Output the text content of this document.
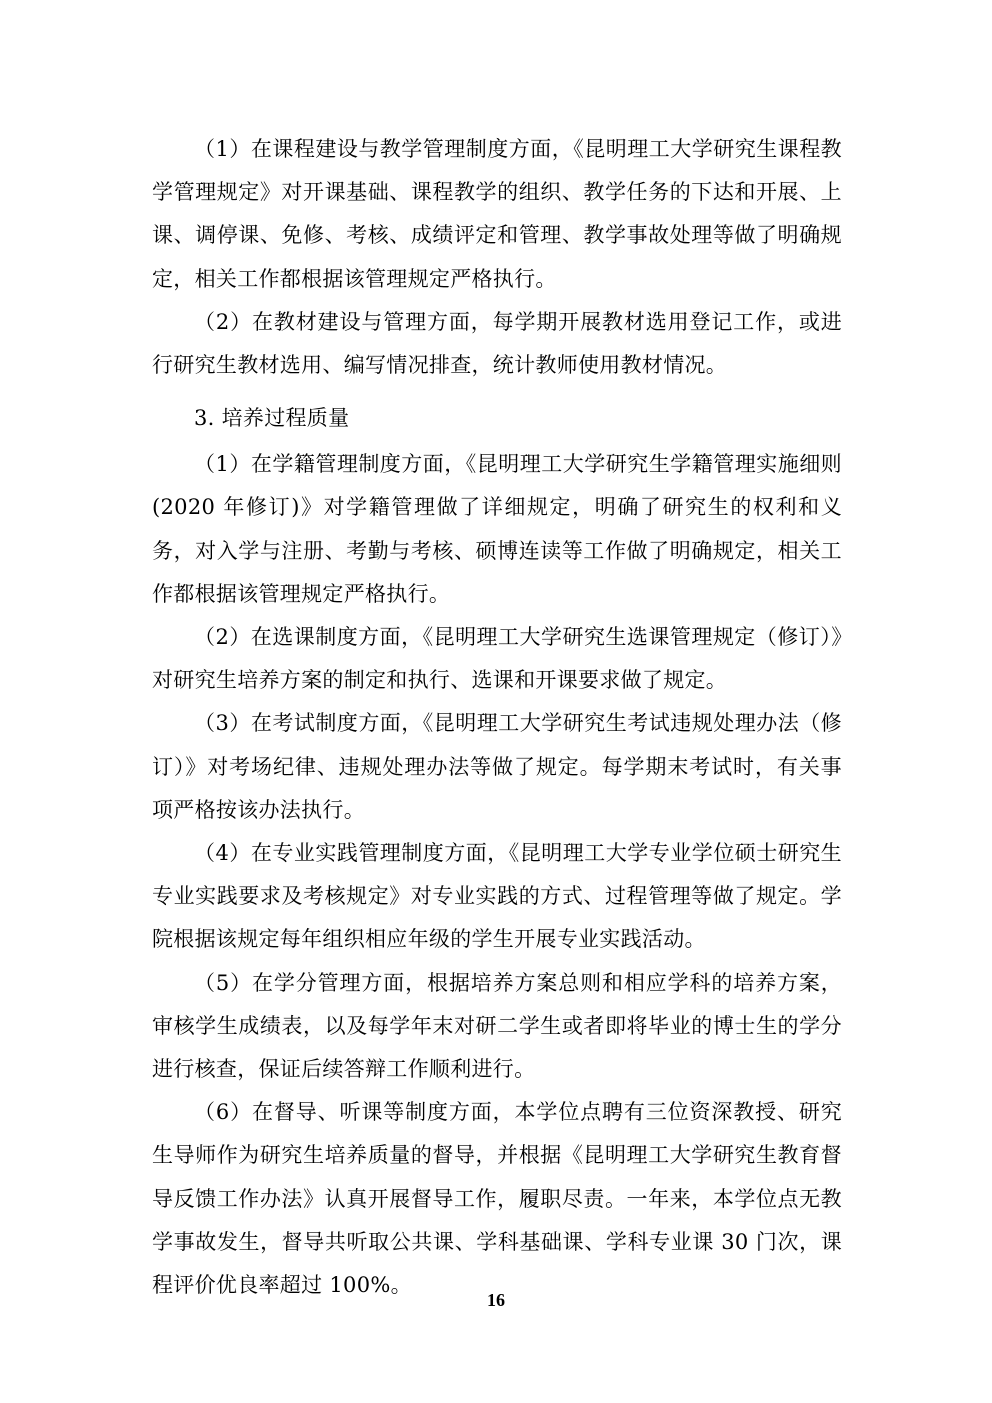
（1）在课程建设与教学管理制度方面，《昆明理工大学研究生课程教学管理规定》对开课基础、课程教学的组织、教学任务的下达和开展、上课、调停课、免修、考核、成绩评定和管理、教学事故处理等做了明确规定，相关工作都根据该管理规定严格执行。

（2）在教材建设与管理方面，每学期开展教材选用登记工作，或进行研究生教材选用、编写情况排查，统计教师使用教材情况。

3. 培养过程质量

（1）在学籍管理制度方面，《昆明理工大学研究生学籍管理实施细则 (2020 年修订)》对学籍管理做了详细规定，明确了研究生的权利和义务，对入学与注册、考勤与考核、硕博连读等工作做了明确规定，相关工作都根据该管理规定严格执行。

（2）在选课制度方面，《昆明理工大学研究生选课管理规定（修订）》对研究生培养方案的制定和执行、选课和开课要求做了规定。

（3）在考试制度方面，《昆明理工大学研究生考试违规处理办法（修订）》对考场纪律、违规处理办法等做了规定。每学期末考试时，有关事项严格按该办法执行。

（4）在专业实践管理制度方面，《昆明理工大学专业学位硕士研究生专业实践要求及考核规定》对专业实践的方式、过程管理等做了规定。学院根据该规定每年组织相应年级的学生开展专业实践活动。

（5）在学分管理方面，根据培养方案总则和相应学科的培养方案，审核学生成绩表，以及每学年末对研二学生或者即将毕业的博士生的学分进行核查，保证后续答辩工作顺利进行。

（6）在督导、听课等制度方面，本学位点聘有三位资深教授、研究生导师作为研究生培养质量的督导，并根据《昆明理工大学研究生教育督导反馈工作办法》认真开展督导工作，履职尽责。一年来，本学位点无教学事故发生，督导共听取公共课、学科基础课、学科专业课 30 门次，课程评价优良率超过 100%。

16
